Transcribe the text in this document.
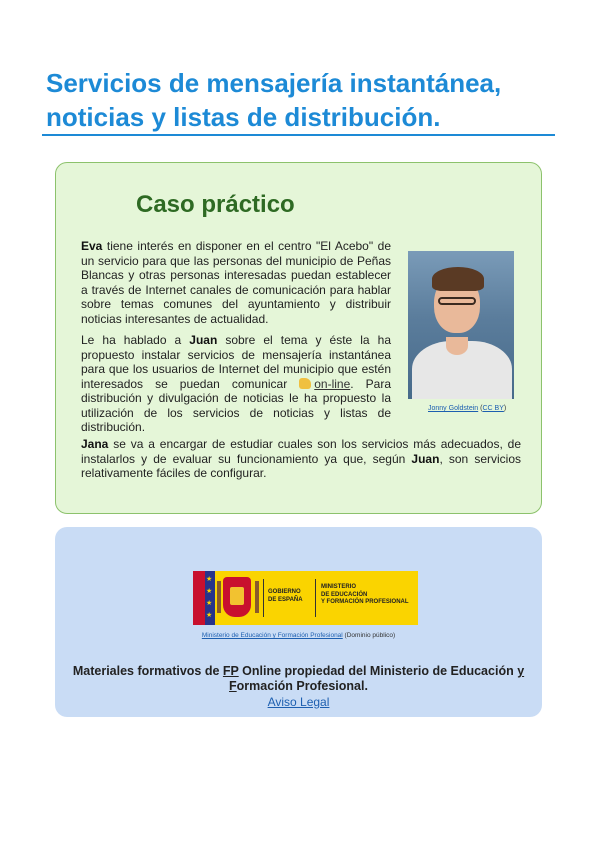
Servicios de mensajería instantánea,
noticias y listas de distribución.
Caso práctico

Eva tiene interés en disponer en el centro "El Acebo" de un servicio para que las personas del municipio de Peñas Blancas y otras personas interesadas puedan establecer a través de Internet canales de comunicación para hablar sobre temas comunes del ayuntamiento y distribuir noticias interesantes de actualidad.

Le ha hablado a Juan sobre el tema y éste la ha propuesto instalar servicios de mensajería instantánea para que los usuarios de Internet del municipio que estén interesados se puedan comunicar on-line. Para distribución y divulgación de noticias le ha propuesto la utilización de los servicios de noticias y listas de distribución.

Jana se va a encargar de estudiar cuales son los servicios más adecuados, de instalarlos y de evaluar su funcionamiento ya que, según Juan, son servicios relativamente fáciles de configurar.

Jonny Goldstein (CC BY)
★
★
★
★
GOBIERNO
DE ESPAÑA
MINISTERIO
DE EDUCACIÓN
Y FORMACIÓN PROFESIONAL
Ministerio de Educación y Formación Profesional (Dominio público)

Materiales formativos de FP Online propiedad del Ministerio de Educación y Formación Profesional.

Aviso Legal
